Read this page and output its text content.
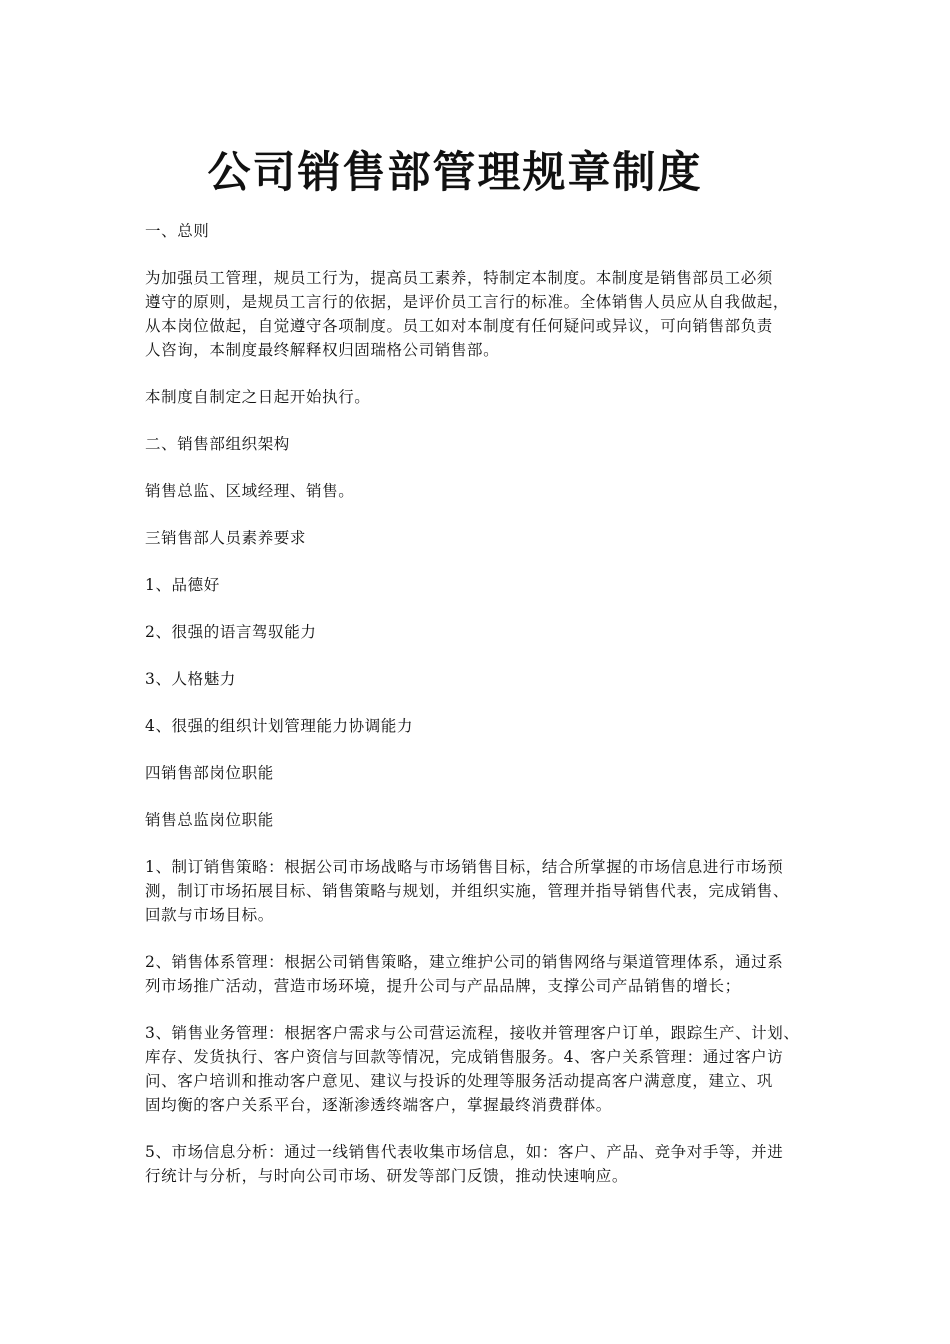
公司销售部管理规章制度

一、总则

为加强员工管理，规员工行为，提高员工素养，特制定本制度。本制度是销售部员工必须
遵守的原则，是规员工言行的依据，是评价员工言行的标准。全体销售人员应从自我做起，
从本岗位做起，自觉遵守各项制度。员工如对本制度有任何疑问或异议，可向销售部负责
人咨询，本制度最终解释权归固瑞格公司销售部。

本制度自制定之日起开始执行。

二、销售部组织架构

销售总监、区域经理、销售。

三销售部人员素养要求

1、品德好

2、很强的语言驾驭能力

3、人格魅力

4、很强的组织计划管理能力协调能力

四销售部岗位职能

销售总监岗位职能

1、制订销售策略：根据公司市场战略与市场销售目标，结合所掌握的市场信息进行市场预
测，制订市场拓展目标、销售策略与规划，并组织实施，管理并指导销售代表，完成销售、
回款与市场目标。

2、销售体系管理：根据公司销售策略，建立维护公司的销售网络与渠道管理体系，通过系
列市场推广活动，营造市场环境，提升公司与产品品牌，支撑公司产品销售的增长；

3、销售业务管理：根据客户需求与公司营运流程，接收并管理客户订单，跟踪生产、计划、
库存、发货执行、客户资信与回款等情况，完成销售服务。4、客户关系管理：通过客户访
问、客户培训和推动客户意见、建议与投诉的处理等服务活动提高客户满意度，建立、巩
固均衡的客户关系平台，逐渐渗透终端客户，掌握最终消费群体。

5、市场信息分析：通过一线销售代表收集市场信息，如：客户、产品、竞争对手等，并进
行统计与分析，与时向公司市场、研发等部门反馈，推动快速响应。
